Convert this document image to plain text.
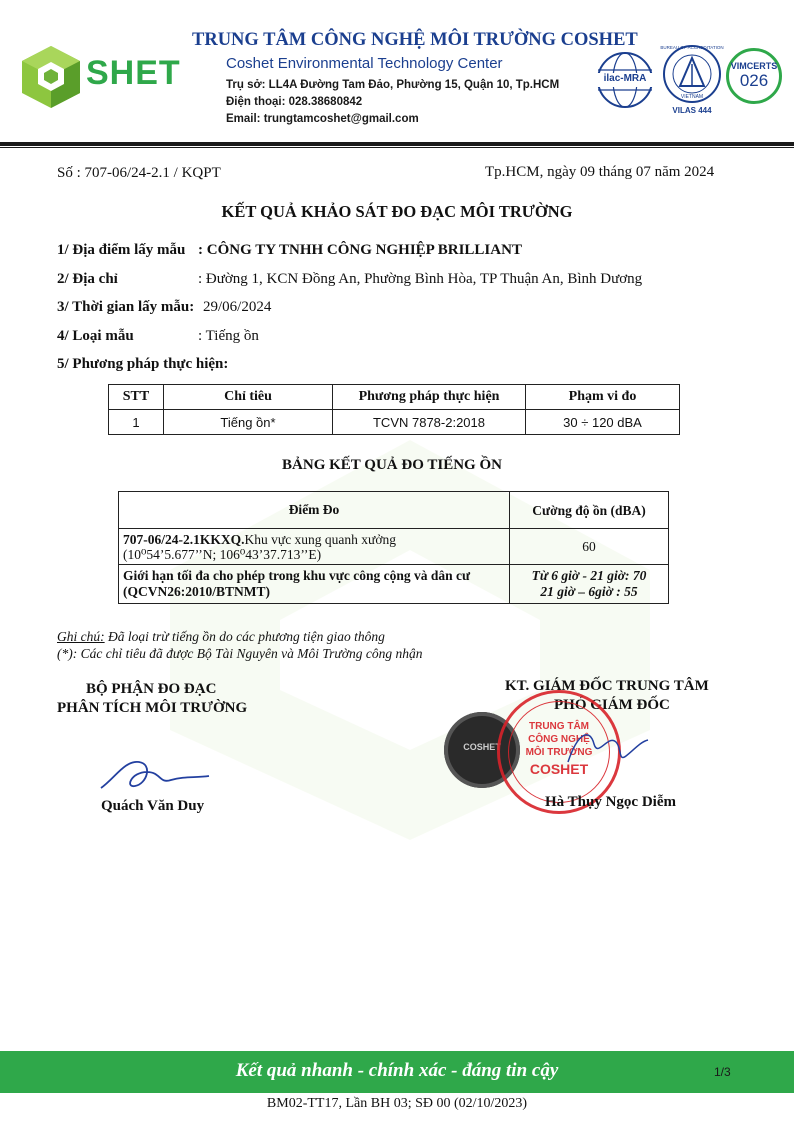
SHET
TRUNG TÂM CÔNG NGHỆ MÔI TRƯỜNG COSHET
Coshet Environmental Technology Center
Trụ sở: LL4A Đường Tam Đảo, Phường 15, Quận 10, Tp.HCM
Điện thoại: 028.38680842
Email: trungtamcoshet@gmail.com
ilac-MRA
BUREAU OF ACCREDITATION
VIETNAM
VILAS 444
VIMCERTS
026
Số : 707-06/24-2.1 / KQPT	Tp.HCM, ngày 09 tháng 07 năm 2024
KẾT QUẢ KHẢO SÁT ĐO ĐẠC MÔI TRƯỜNG
1/ Địa điểm lấy mẫu : CÔNG TY TNHH CÔNG NGHIỆP BRILLIANT
2/ Địa chỉ	: Đường 1, KCN Đồng An, Phường Bình Hòa, TP Thuận An, Bình Dương
3/ Thời gian lấy mẫu: 29/06/2024
4/ Loại mẫu	: Tiếng ồn
5/ Phương pháp thực hiện:
STT	Chỉ tiêu	Phương pháp thực hiện	Phạm vi đo
1	Tiếng ồn*	TCVN 7878-2:2018	30 ÷ 120 dBA
BẢNG KẾT QUẢ ĐO TIẾNG ỒN
Điểm Đo	Cường độ ồn (dBA)
707-06/24-2.1KKXQ.Khu vực xung quanh xưởng
(10⁰54’5.677’’N; 106⁰43’37.713’’E)	60
Giới hạn tối đa cho phép trong khu vực công cộng và dân cư
(QCVN26:2010/BTNMT)	Từ 6 giờ - 21 giờ: 70
21 giờ – 6giờ : 55
Ghi chú: Đã loại trừ tiếng ồn do các phương tiện giao thông
(*): Các chỉ tiêu đã được Bộ Tài Nguyên và Môi Trường công nhận
BỘ PHẬN ĐO ĐẠC
PHÂN TÍCH MÔI TRƯỜNG
Quách Văn Duy
KT. GIÁM ĐỐC TRUNG TÂM
PHÓ GIÁM ĐỐC
COSHET
TRUNG TÂM
CÔNG NGHỆ
MÔI TRƯỜNG
COSHET
Hà Thụy Ngọc Diễm
Kết quả nhanh - chính xác - đáng tin cậy	1/3
BM02-TT17, Lần BH 03; SĐ 00 (02/10/2023)
